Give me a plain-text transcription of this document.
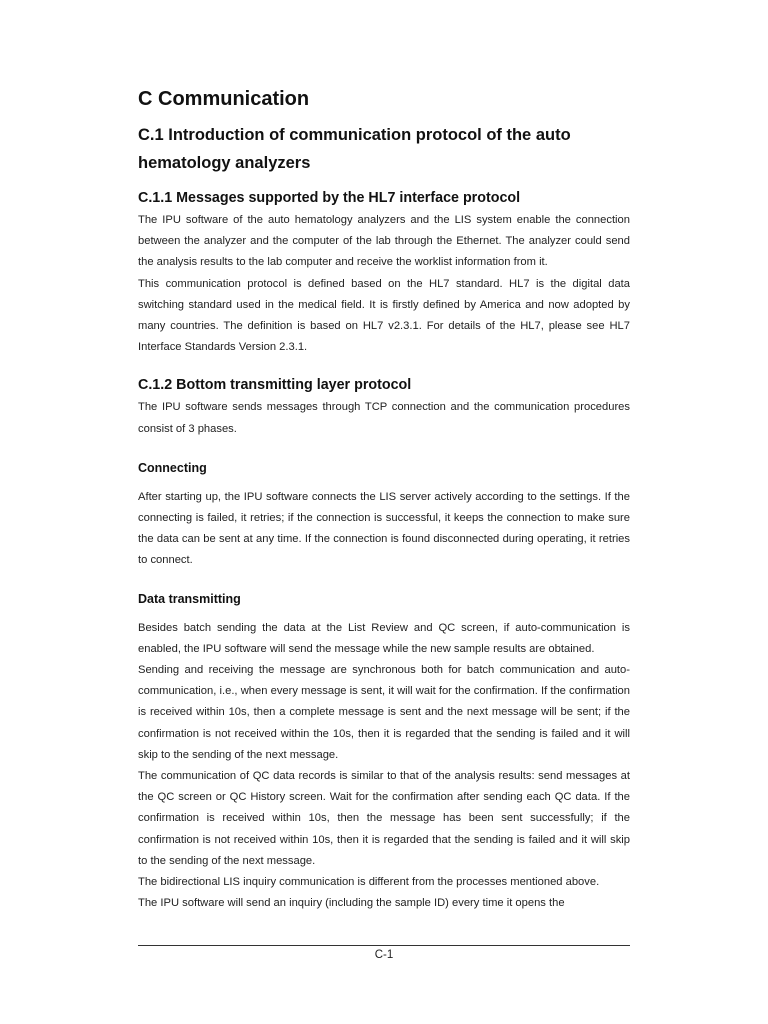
C Communication
C.1 Introduction of communication protocol of the auto hematology analyzers
C.1.1 Messages supported by the HL7 interface protocol

The IPU software of the auto hematology analyzers and the LIS system enable the connection between the analyzer and the computer of the lab through the Ethernet. The analyzer could send the analysis results to the lab computer and receive the worklist information from it.

This communication protocol is defined based on the HL7 standard. HL7 is the digital data switching standard used in the medical field. It is firstly defined by America and now adopted by many countries. The definition is based on HL7 v2.3.1. For details of the HL7, please see HL7 Interface Standards Version 2.3.1.

C.1.2 Bottom transmitting layer protocol

The IPU software sends messages through TCP connection and the communication procedures consist of 3 phases.

Connecting

After starting up, the IPU software connects the LIS server actively according to the settings. If the connecting is failed, it retries; if the connection is successful, it keeps the connection to make sure the data can be sent at any time. If the connection is found disconnected during operating, it retries to connect.

Data transmitting

Besides batch sending the data at the List Review and QC screen, if auto-communication is enabled, the IPU software will send the message while the new sample results are obtained.

Sending and receiving the message are synchronous both for batch communication and auto-communication, i.e., when every message is sent, it will wait for the confirmation. If the confirmation is received within 10s, then a complete message is sent and the next message will be sent; if the confirmation is not received within the 10s, then it is regarded that the sending is failed and it will skip to the sending of the next message.

The communication of QC data records is similar to that of the analysis results: send messages at the QC screen or QC History screen. Wait for the confirmation after sending each QC data. If the confirmation is received within 10s, then the message has been sent successfully; if the confirmation is not received within 10s, then it is regarded that the sending is failed and it will skip to the sending of the next message.

The bidirectional LIS inquiry communication is different from the processes mentioned above.

The IPU software will send an inquiry (including the sample ID) every time it opens the

C-1
